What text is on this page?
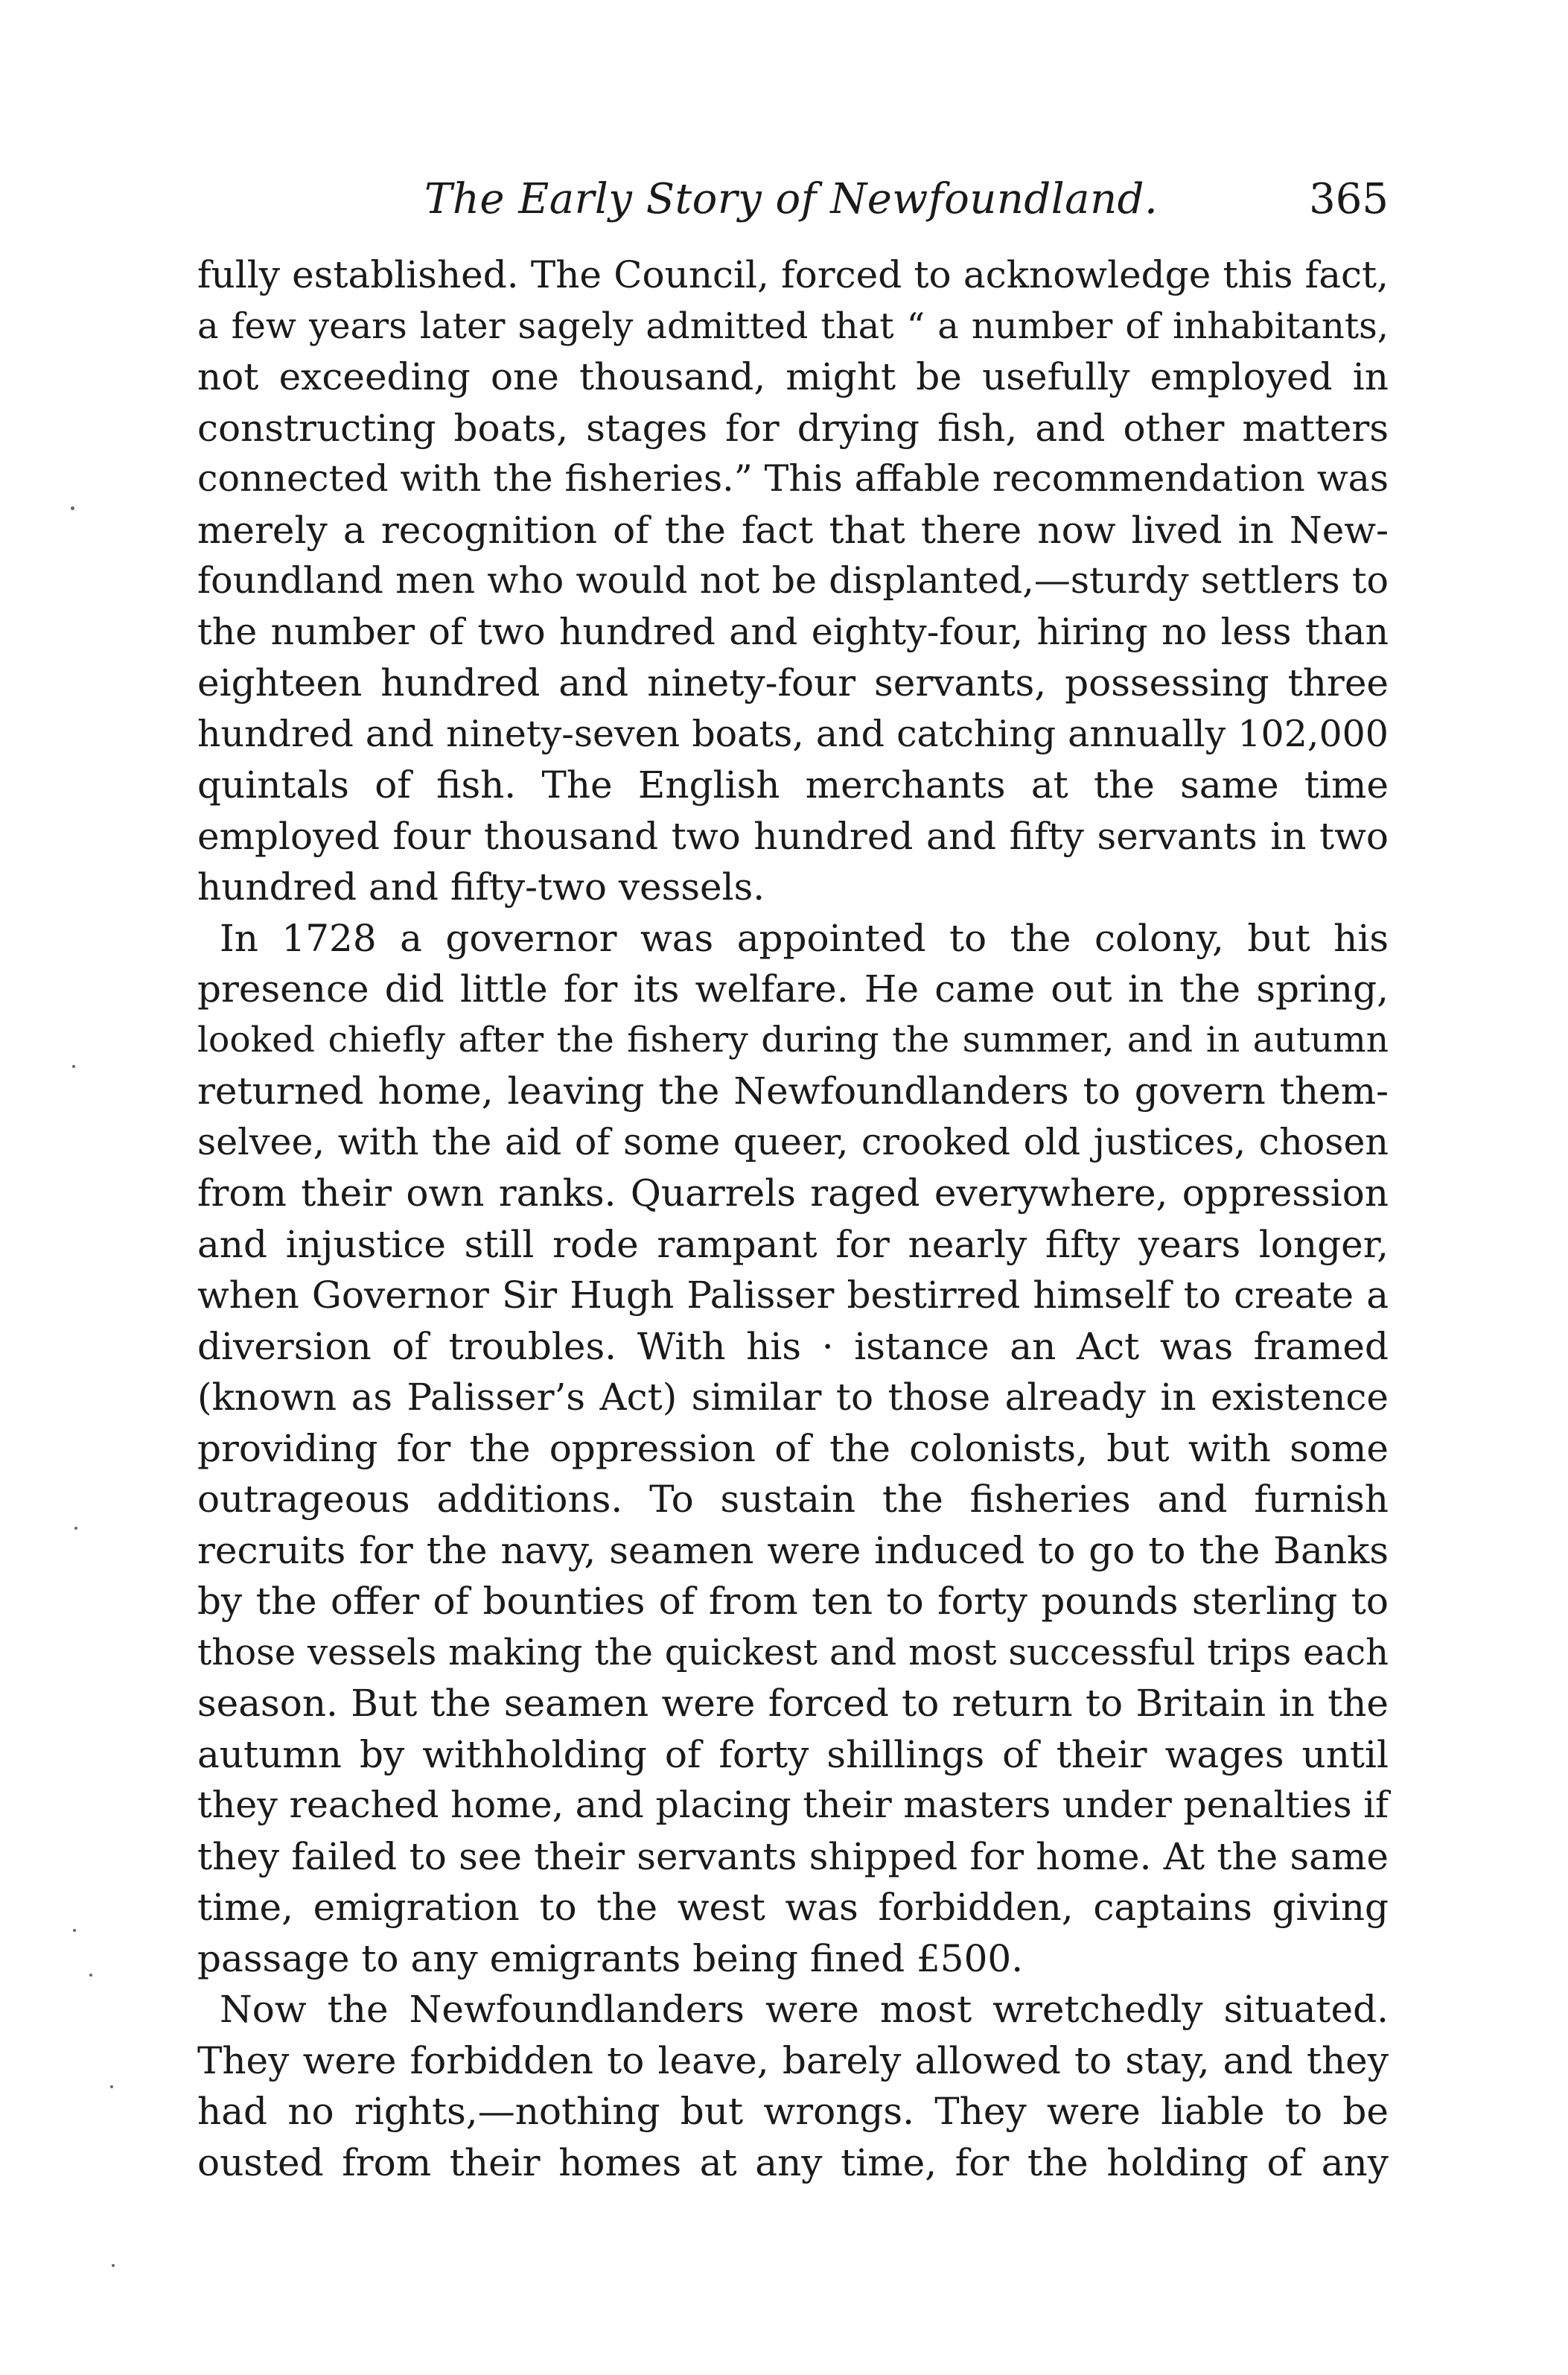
The Early Story of Newfoundland.	365
fully established. The Council, forced to acknowledge this fact,
a few years later sagely admitted that “ a number of inhabitants,
not exceeding one thousand, might be usefully employed in
constructing boats, stages for drying fish, and other matters
connected with the fisheries.” This affable recommendation was
merely a recognition of the fact that there now lived in New-
foundland men who would not be displanted,—sturdy settlers to
the number of two hundred and eighty-four, hiring no less than
eighteen hundred and ninety-four servants, possessing three
hundred and ninety-seven boats, and catching annually 102,000
quintals of fish. The English merchants at the same time
employed four thousand two hundred and fifty servants in two
hundred and fifty-two vessels.
In 1728 a governor was appointed to the colony, but his
presence did little for its welfare. He came out in the spring,
looked chiefly after the fishery during the summer, and in autumn
returned home, leaving the Newfoundlanders to govern them-
selvee, with the aid of some queer, crooked old justices, chosen
from their own ranks. Quarrels raged everywhere, oppression
and injustice still rode rampant for nearly fifty years longer,
when Governor Sir Hugh Palisser bestirred himself to create a
diversion of troubles. With his · istance an Act was framed
(known as Palisser’s Act) similar to those already in existence
providing for the oppression of the colonists, but with some
outrageous additions. To sustain the fisheries and furnish
recruits for the navy, seamen were induced to go to the Banks
by the offer of bounties of from ten to forty pounds sterling to
those vessels making the quickest and most successful trips each
season. But the seamen were forced to return to Britain in the
autumn by withholding of forty shillings of their wages until
they reached home, and placing their masters under penalties if
they failed to see their servants shipped for home. At the same
time, emigration to the west was forbidden, captains giving
passage to any emigrants being fined £500.
Now the Newfoundlanders were most wretchedly situated.
They were forbidden to leave, barely allowed to stay, and they
had no rights,—nothing but wrongs. They were liable to be
ousted from their homes at any time, for the holding of any
